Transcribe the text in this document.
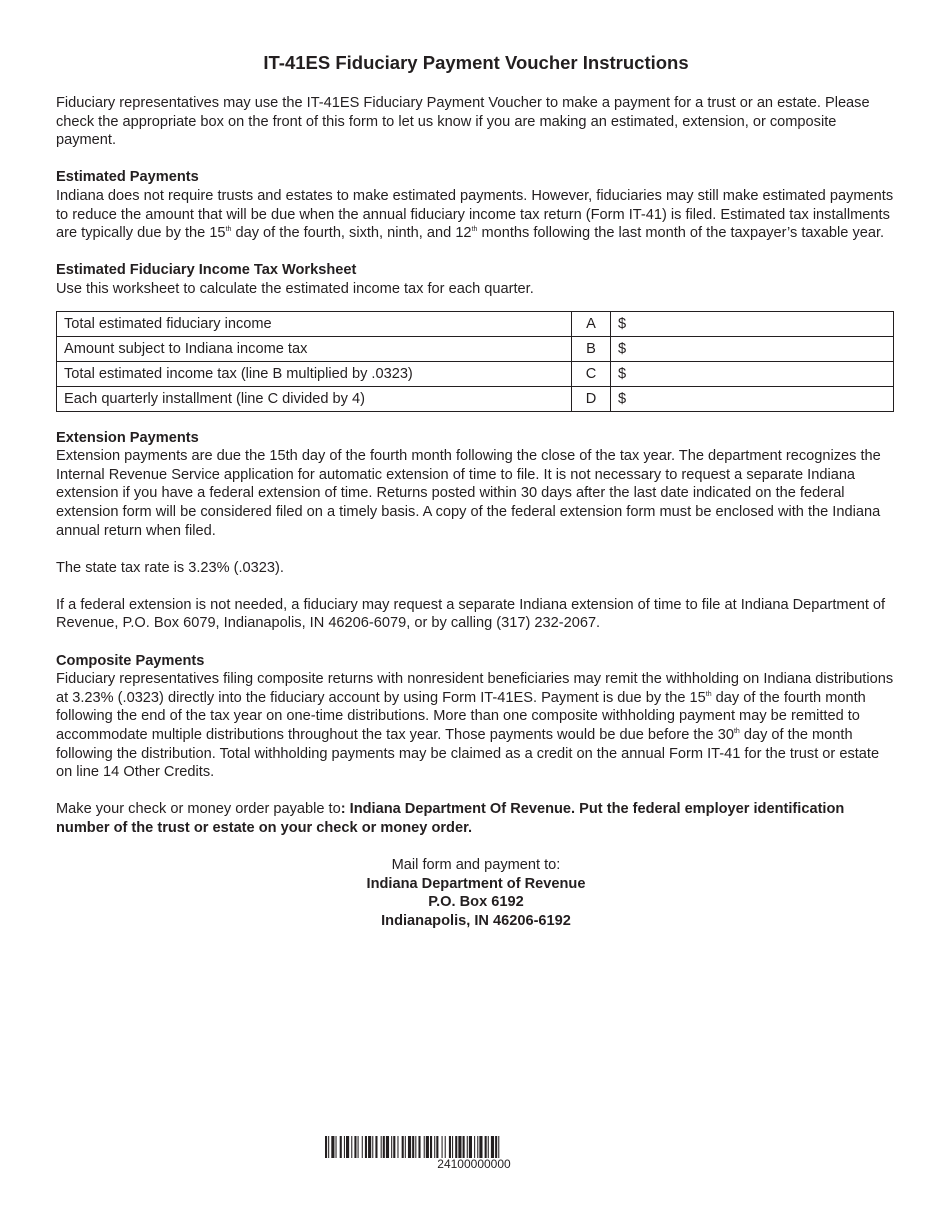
IT-41ES Fiduciary Payment Voucher Instructions

Fiduciary representatives may use the IT-41ES Fiduciary Payment Voucher to make a payment for a trust or an estate. Please check the appropriate box on the front of this form to let us know if you are making an estimated, extension, or composite payment.

Estimated Payments

Indiana does not require trusts and estates to make estimated payments. However, fiduciaries may still make estimated payments to reduce the amount that will be due when the annual fiduciary income tax return (Form IT-41) is filed. Estimated tax installments are typically due by the 15th day of the fourth, sixth, ninth, and 12th months following the last month of the taxpayer’s taxable year.

Estimated Fiduciary Income Tax Worksheet

Use this worksheet to calculate the estimated income tax for each quarter.

Total estimated fiduciary income	A	$
Amount subject to Indiana income tax	B	$
Total estimated income tax (line B multiplied by .0323)	C	$
Each quarterly installment (line C divided by 4)	D	$

Extension Payments

Extension payments are due the 15th day of the fourth month following the close of the tax year. The department recognizes the Internal Revenue Service application for automatic extension of time to file. It is not necessary to request a separate Indiana extension if you have a federal extension of time. Returns posted within 30 days after the last date indicated on the federal extension form will be considered filed on a timely basis. A copy of the federal extension form must be enclosed with the Indiana annual return when filed.

The state tax rate is 3.23% (.0323).

If a federal extension is not needed, a fiduciary may request a separate Indiana extension of time to file at Indiana Department of Revenue, P.O. Box 6079, Indianapolis, IN 46206-6079, or by calling (317) 232-2067.

Composite Payments

Fiduciary representatives filing composite returns with nonresident beneficiaries may remit the withholding on Indiana distributions at 3.23% (.0323) directly into the fiduciary account by using Form IT-41ES. Payment is due by the 15th day of the fourth month following the end of the tax year on one-time distributions. More than one composite withholding payment may be remitted to accommodate multiple distributions throughout the tax year. Those payments would be due before the 30th day of the month following the distribution. Total withholding payments may be claimed as a credit on the annual Form IT-41 for the trust or estate on line 14 Other Credits.

Make your check or money order payable to: Indiana Department Of Revenue. Put the federal employer identification number of the trust or estate on your check or money order.

Mail form and payment to:

Indiana Department of Revenue

P.O. Box 6192

Indianapolis, IN 46206-6192

24100000000
